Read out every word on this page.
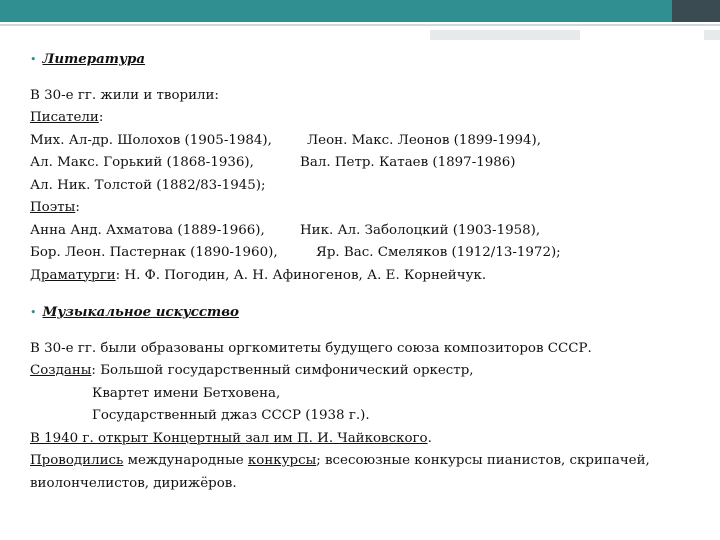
• Литература
В 30-е гг. жили и творили:
Писатели:
Мих. Ал-др. Шолохов (1905-1984),	Леон. Макс. Леонов (1899-1994),
Ал. Макс. Горький (1868-1936),	Вал. Петр. Катаев (1897-1986)
Ал. Ник. Толстой (1882/83-1945);
Поэты:
Анна Анд. Ахматова (1889-1966),	Ник. Ал. Заболоцкий (1903-1958),
Бор. Леон. Пастернак (1890-1960),	Яр. Вас. Смеляков (1912/13-1972);
Драматурги: Н. Ф. Погодин, А. Н. Афиногенов, А. Е. Корнейчук.
• Музыкальное искусство
В 30-е гг. были образованы оргкомитеты будущего союза композиторов СССР.
Созданы: Большой государственный симфонический оркестр,
Квартет имени Бетховена,
Государственный джаз СССР (1938 г.).
В 1940 г. открыт Концертный зал им П. И. Чайковского.
Проводились международные конкурсы; всесоюзные конкурсы пианистов, скрипачей, виолончелистов, дирижёров.
